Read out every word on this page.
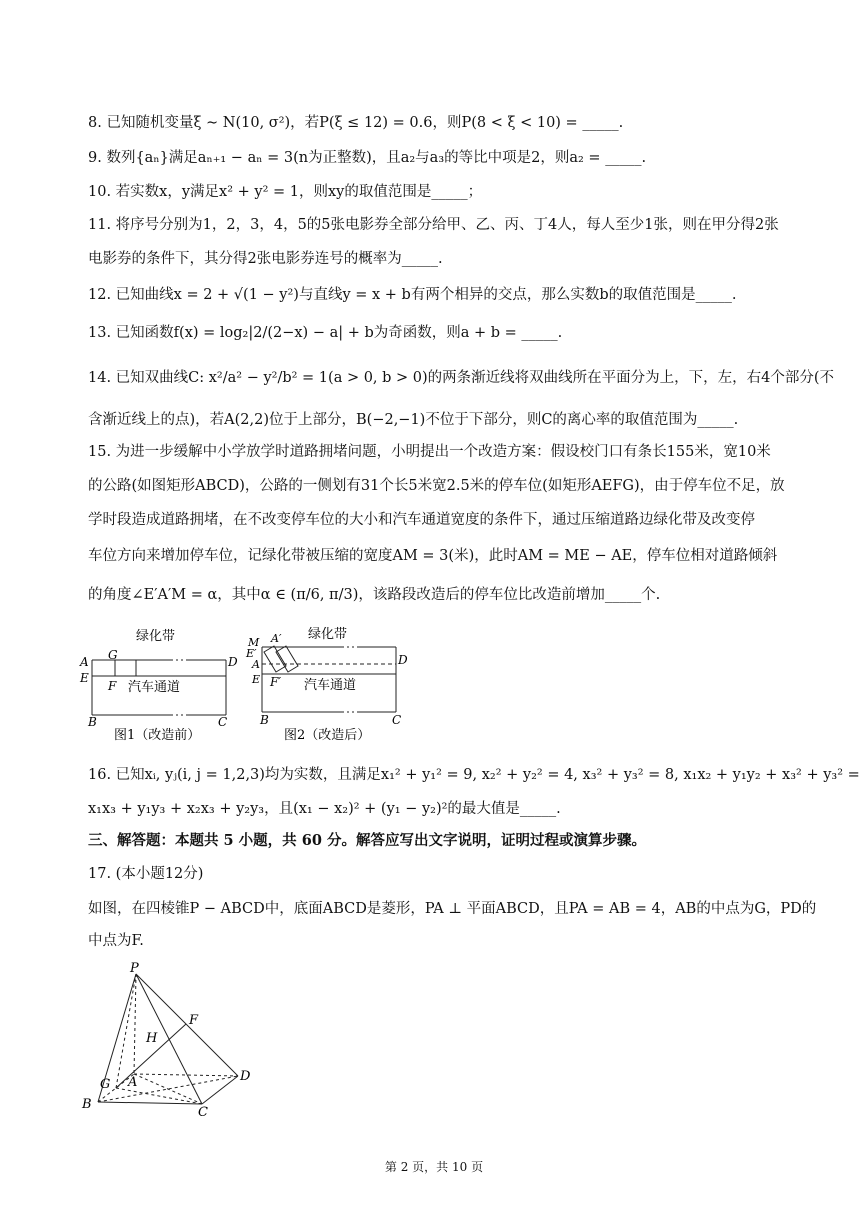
8. 已知随机变量ξ ∼ N(10, σ²)，若P(ξ ≤ 12) = 0.6，则P(8 < ξ < 10) = _____.
9. 数列{aₙ}满足aₙ₊₁ − aₙ = 3(n为正整数)，且a₂与a₃的等比中项是2，则a₂ = _____.
10. 若实数x，y满足x² + y² = 1，则xy的取值范围是_____；
11. 将序号分别为1，2，3，4，5的5张电影券全部分给甲、乙、丙、丁4人，每人至少1张，则在甲分得2张
电影券的条件下，其分得2张电影券连号的概率为_____.
12. 已知曲线x = 2 + √(1 − y²)与直线y = x + b有两个相异的交点，那么实数b的取值范围是_____.
13. 已知函数f(x) = log₂|2/(2−x) − a| + b为奇函数，则a + b = _____.
14. 已知双曲线C: x²/a² − y²/b² = 1(a > 0, b > 0)的两条渐近线将双曲线所在平面分为上，下，左，右4个部分(不
含渐近线上的点)，若A(2,2)位于上部分，B(−2,−1)不位于下部分，则C的离心率的取值范围为_____.
15. 为进一步缓解中小学放学时道路拥堵问题，小明提出一个改造方案：假设校门口有条长155米，宽10米
的公路(如图矩形ABCD)，公路的一侧划有31个长5米宽2.5米的停车位(如矩形AEFG)，由于停车位不足，放
学时段造成道路拥堵，在不改变停车位的大小和汽车通道宽度的条件下，通过压缩道路边绿化带及改变停
车位方向来增加停车位，记绿化带被压缩的宽度AM = 3(米)，此时AM = ME − AE，停车位相对道路倾斜
的角度∠E′A′M = α，其中α ∈ (π/6, π/3)，该路段改造后的停车位比改造前增加_____个.
绿化带
A	D
G
E
F 汽车通道
B	C
图1（改造前）
绿化带
M A′
E′
A
E F′ 汽车通道
B	C
D
图2（改造后）
16. 已知xᵢ, yⱼ(i, j = 1,2,3)均为实数，且满足x₁² + y₁² = 9, x₂² + y₂² = 4, x₃² + y₃² = 8, x₁x₂ + y₁y₂ + x₃² + y₃² =
x₁x₃ + y₁y₃ + x₂x₃ + y₂y₃，且(x₁ − x₂)² + (y₁ − y₂)²的最大值是_____.
三、解答题：本题共 5 小题，共 60 分。解答应写出文字说明，证明过程或演算步骤。
17. (本小题12分)
如图，在四棱锥P − ABCD中，底面ABCD是菱形，PA ⊥ 平面ABCD，且PA = AB = 4，AB的中点为G，PD的
中点为F.
P
F
H
G A	D
B
C
第 2 页，共 10 页
